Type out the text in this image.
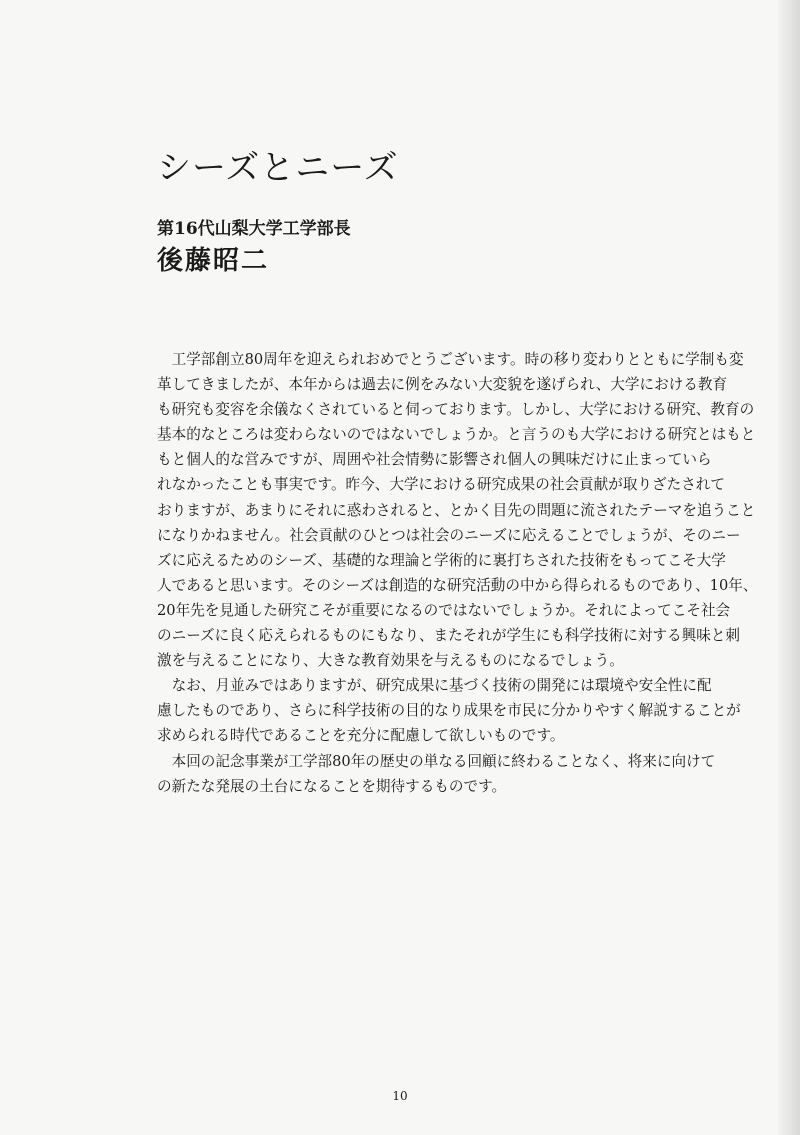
シーズとニーズ
第16代山梨大学工学部長
後藤昭二
　工学部創立80周年を迎えられおめでとうございます。時の移り変わりとともに学制も変
革してきましたが、本年からは過去に例をみない大変貌を遂げられ、大学における教育
も研究も変容を余儀なくされていると伺っております。しかし、大学における研究、教育の
基本的なところは変わらないのではないでしょうか。と言うのも大学における研究とはもと
もと個人的な営みですが、周囲や社会情勢に影響され個人の興味だけに止まっていら
れなかったことも事実です。昨今、大学における研究成果の社会貢献が取りざたされて
おりますが、あまりにそれに惑わされると、とかく目先の問題に流されたテーマを追うこと
になりかねません。社会貢献のひとつは社会のニーズに応えることでしょうが、そのニー
ズに応えるためのシーズ、基礎的な理論と学術的に裏打ちされた技術をもってこそ大学
人であると思います。そのシーズは創造的な研究活動の中から得られるものであり、10年、
20年先を見通した研究こそが重要になるのではないでしょうか。それによってこそ社会
のニーズに良く応えられるものにもなり、またそれが学生にも科学技術に対する興味と刺
激を与えることになり、大きな教育効果を与えるものになるでしょう。
　なお、月並みではありますが、研究成果に基づく技術の開発には環境や安全性に配
慮したものであり、さらに科学技術の目的なり成果を市民に分かりやすく解説することが
求められる時代であることを充分に配慮して欲しいものです。
　本回の記念事業が工学部80年の歴史の単なる回顧に終わることなく、将来に向けて
の新たな発展の土台になることを期待するものです。
10
